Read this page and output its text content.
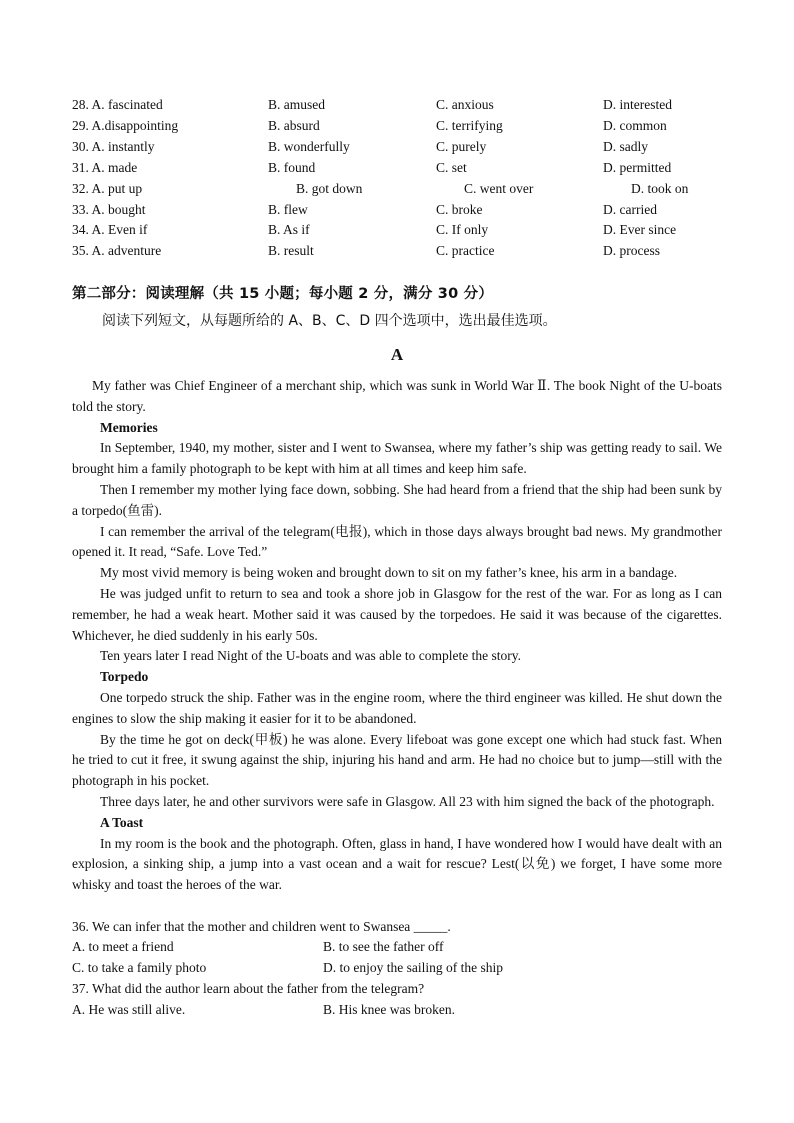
28. A. fascinated	B. amused	C. anxious	D. interested
29. A.disappointing	B. absurd	C. terrifying	D. common
30. A. instantly	B. wonderfully	C. purely	D. sadly
31. A. made	B. found	C. set	D. permitted
32. A. put up	B. got down	C. went over	D. took on
33. A. bought	B. flew	C. broke	D. carried
34. A. Even if	B. As if	C. If only	D. Ever since
35. A. adventure	B. result	C. practice	D. process
第二部分：阅读理解（共 15 小题；每小题 2 分，满分 30 分）
阅读下列短文，从每题所给的 A、B、C、D 四个选项中，选出最佳选项。
A

My father was Chief Engineer of a merchant ship, which was sunk in World War Ⅱ. The book Night of the U-boats told the story.

Memories

In September, 1940, my mother, sister and I went to Swansea, where my father’s ship was getting ready to sail. We brought him a family photograph to be kept with him at all times and keep him safe.

Then I remember my mother lying face down, sobbing. She had heard from a friend that the ship had been sunk by a torpedo(鱼雷).

I can remember the arrival of the telegram(电报), which in those days always brought bad news. My grandmother opened it. It read, “Safe. Love Ted.”

My most vivid memory is being woken and brought down to sit on my father’s knee, his arm in a bandage.

He was judged unfit to return to sea and took a shore job in Glasgow for the rest of the war. For as long as I can remember, he had a weak heart. Mother said it was caused by the torpedoes. He said it was because of the cigarettes. Whichever, he died suddenly in his early 50s.

Ten years later I read Night of the U-boats and was able to complete the story.

Torpedo

One torpedo struck the ship. Father was in the engine room, where the third engineer was killed. He shut down the engines to slow the ship making it easier for it to be abandoned.

By the time he got on deck(甲板) he was alone. Every lifeboat was gone except one which had stuck fast. When he tried to cut it free, it swung against the ship, injuring his hand and arm. He had no choice but to jump—still with the photograph in his pocket.

Three days later, he and other survivors were safe in Glasgow. All 23 with him signed the back of the photograph.

A Toast

In my room is the book and the photograph. Often, glass in hand, I have wondered how I would have dealt with an explosion, a sinking ship, a jump into a vast ocean and a wait for rescue? Lest(以免) we forget, I have some more whisky and toast the heroes of the war.

36. We can infer that the mother and children went to Swansea _____.
A. to meet a friend	B. to see the father off
C. to take a family photo	D. to enjoy the sailing of the ship
37. What did the author learn about the father from the telegram?
A. He was still alive.	B. His knee was broken.
